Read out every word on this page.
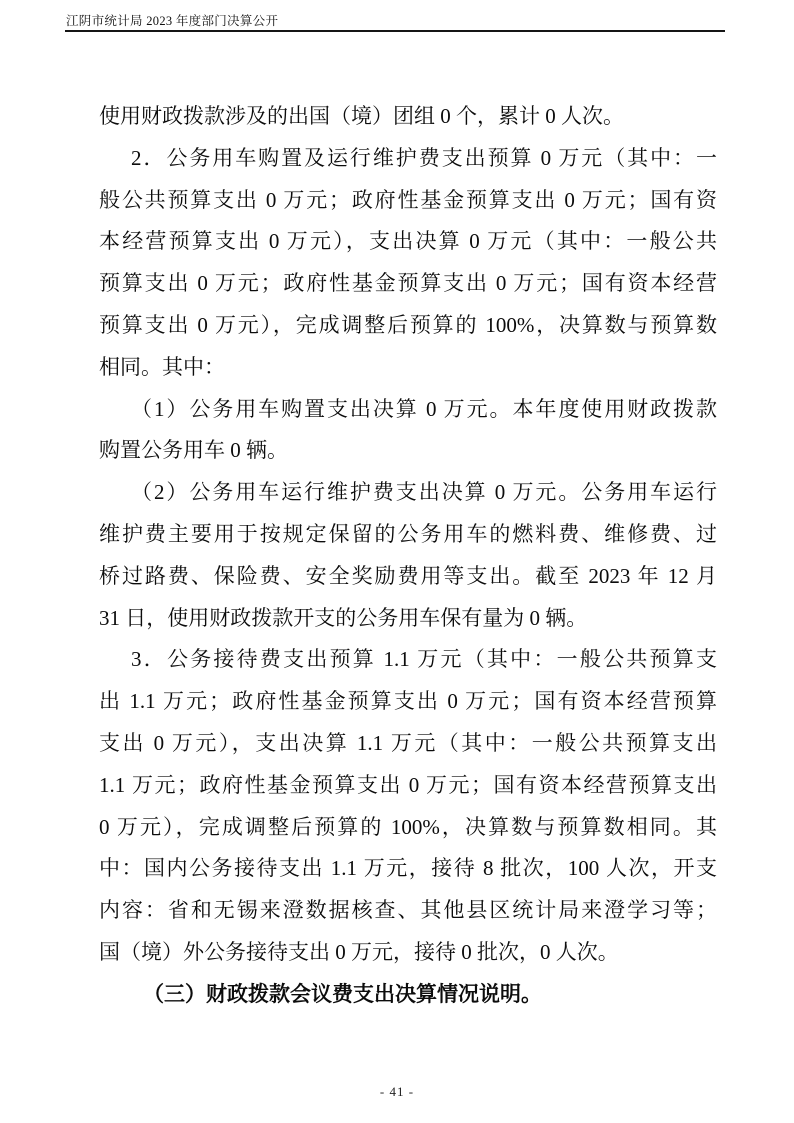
江阴市统计局 2023 年度部门决算公开
使用财政拨款涉及的出国（境）团组 0 个，累计 0 人次。
2．公务用车购置及运行维护费支出预算 0 万元（其中：一
般公共预算支出 0 万元；政府性基金预算支出 0 万元；国有资
本经营预算支出 0 万元），支出决算 0 万元（其中：一般公共
预算支出 0 万元；政府性基金预算支出 0 万元；国有资本经营
预算支出 0 万元），完成调整后预算的 100%，决算数与预算数
相同。其中：
（1）公务用车购置支出决算 0 万元。本年度使用财政拨款
购置公务用车 0 辆。
（2）公务用车运行维护费支出决算 0 万元。公务用车运行
维护费主要用于按规定保留的公务用车的燃料费、维修费、过
桥过路费、保险费、安全奖励费用等支出。截至 2023 年 12 月
31 日，使用财政拨款开支的公务用车保有量为 0 辆。
3．公务接待费支出预算 1.1 万元（其中：一般公共预算支
出 1.1 万元；政府性基金预算支出 0 万元；国有资本经营预算
支出 0 万元），支出决算 1.1 万元（其中：一般公共预算支出
1.1 万元；政府性基金预算支出 0 万元；国有资本经营预算支出
0 万元），完成调整后预算的 100%，决算数与预算数相同。其
中：国内公务接待支出 1.1 万元，接待 8 批次，100 人次，开支
内容：省和无锡来澄数据核查、其他县区统计局来澄学习等；
国（境）外公务接待支出 0 万元，接待 0 批次，0 人次。
（三）财政拨款会议费支出决算情况说明。
- 41 -
